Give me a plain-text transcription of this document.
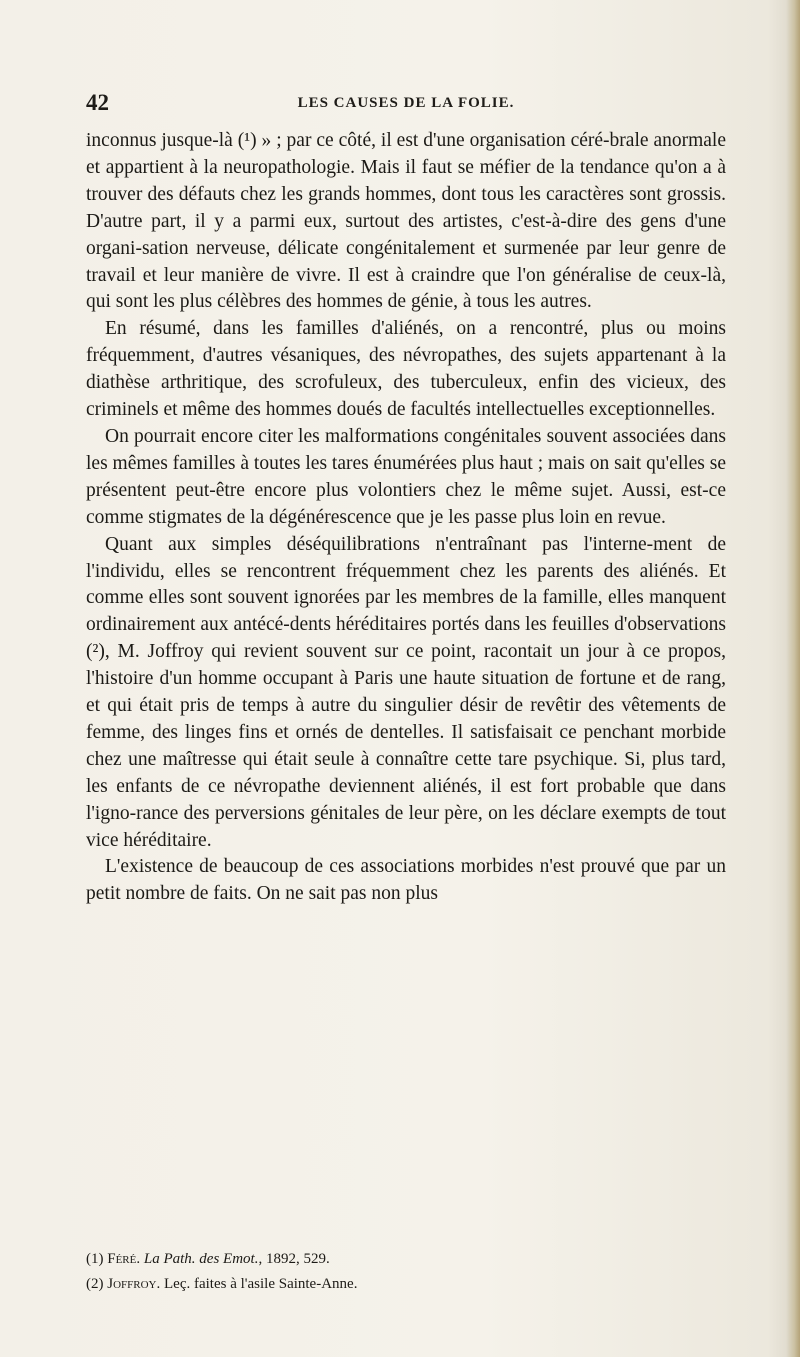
42	LES CAUSES DE LA FOLIE.

inconnus jusque-là (¹) » ; par ce côté, il est d'une organisation céré-brale anormale et appartient à la neuropathologie. Mais il faut se méfier de la tendance qu'on a à trouver des défauts chez les grands hommes, dont tous les caractères sont grossis. D'autre part, il y a parmi eux, surtout des artistes, c'est-à-dire des gens d'une organi-sation nerveuse, délicate congénitalement et surmenée par leur genre de travail et leur manière de vivre. Il est à craindre que l'on généralise de ceux-là, qui sont les plus célèbres des hommes de génie, à tous les autres.

En résumé, dans les familles d'aliénés, on a rencontré, plus ou moins fréquemment, d'autres vésaniques, des névropathes, des sujets appartenant à la diathèse arthritique, des scrofuleux, des tuberculeux, enfin des vicieux, des criminels et même des hommes doués de facultés intellectuelles exceptionnelles.

On pourrait encore citer les malformations congénitales souvent associées dans les mêmes familles à toutes les tares énumérées plus haut ; mais on sait qu'elles se présentent peut-être encore plus volontiers chez le même sujet. Aussi, est-ce comme stigmates de la dégénérescence que je les passe plus loin en revue.

Quant aux simples déséquilibrations n'entraînant pas l'interne-ment de l'individu, elles se rencontrent fréquemment chez les parents des aliénés. Et comme elles sont souvent ignorées par les membres de la famille, elles manquent ordinairement aux antécé-dents héréditaires portés dans les feuilles d'observations (²), M. Joffroy qui revient souvent sur ce point, racontait un jour à ce propos, l'histoire d'un homme occupant à Paris une haute situation de fortune et de rang, et qui était pris de temps à autre du singulier désir de revêtir des vêtements de femme, des linges fins et ornés de dentelles. Il satisfaisait ce penchant morbide chez une maîtresse qui était seule à connaître cette tare psychique. Si, plus tard, les enfants de ce névropathe deviennent aliénés, il est fort probable que dans l'igno-rance des perversions génitales de leur père, on les déclare exempts de tout vice héréditaire.

L'existence de beaucoup de ces associations morbides n'est prouvé que par un petit nombre de faits. On ne sait pas non plus

(1) Féré. La Path. des Emot., 1892, 529.
(2) Joffroy. Leç. faites à l'asile Sainte-Anne.
